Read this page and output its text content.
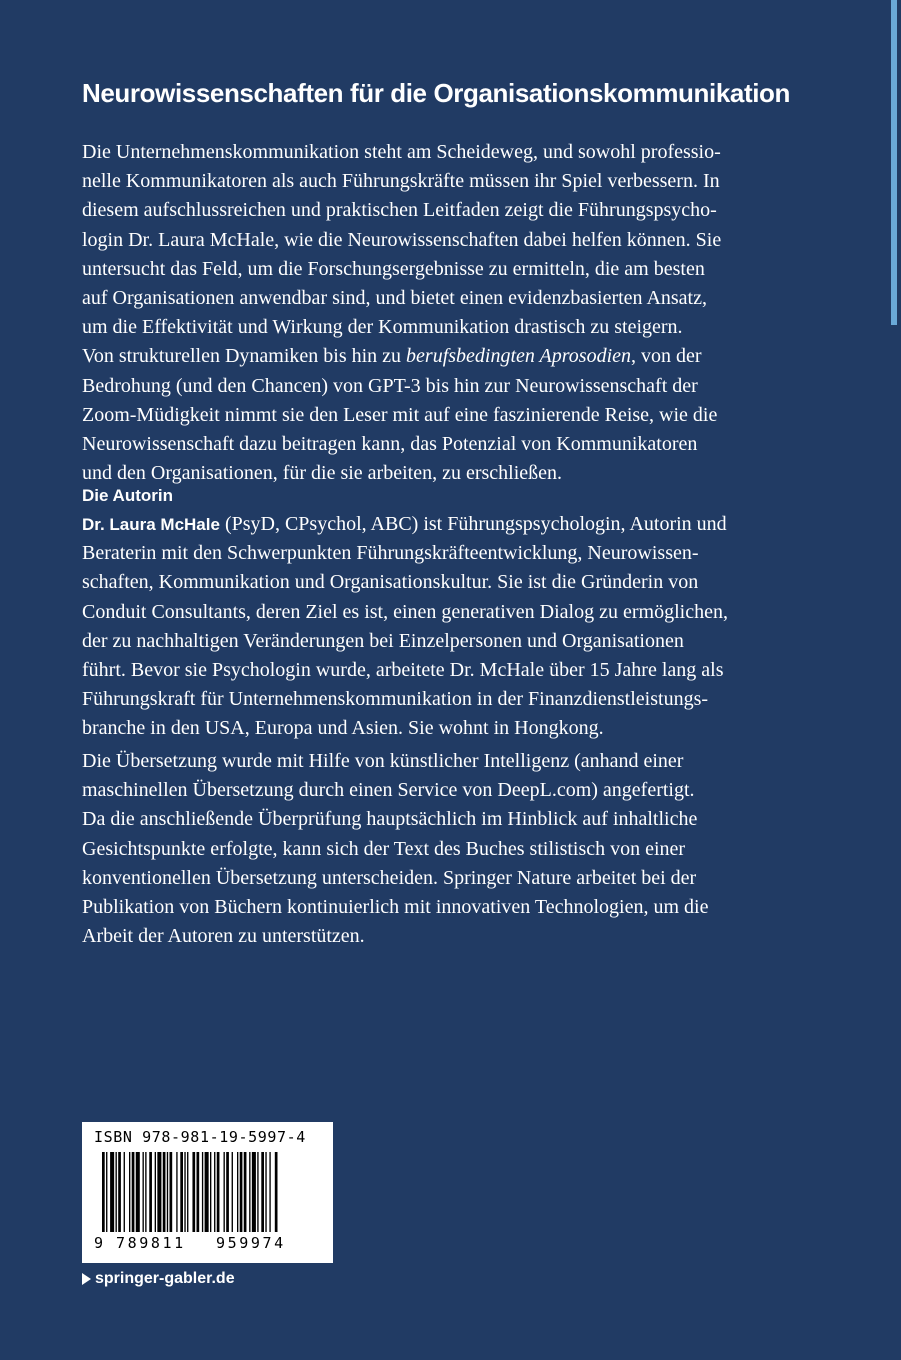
Neurowissenschaften für die Organisationskommunikation

Die Unternehmenskommunikation steht am Scheideweg, und sowohl professio-
nelle Kommunikatoren als auch Führungskräfte müssen ihr Spiel verbessern. In
diesem aufschlussreichen und praktischen Leitfaden zeigt die Führungspsycho-
login Dr. Laura McHale, wie die Neurowissenschaften dabei helfen können. Sie
untersucht das Feld, um die Forschungsergebnisse zu ermitteln, die am besten
auf Organisationen anwendbar sind, und bietet einen evidenzbasierten Ansatz,
um die Effektivität und Wirkung der Kommunikation drastisch zu steigern.
Von strukturellen Dynamiken bis hin zu berufsbedingten Aprosodien, von der
Bedrohung (und den Chancen) von GPT-3 bis hin zur Neurowissenschaft der
Zoom-Müdigkeit nimmt sie den Leser mit auf eine faszinierende Reise, wie die
Neurowissenschaft dazu beitragen kann, das Potenzial von Kommunikatoren
und den Organisationen, für die sie arbeiten, zu erschließen.

Die Autorin

Dr. Laura McHale (PsyD, CPsychol, ABC) ist Führungspsychologin, Autorin und
Beraterin mit den Schwerpunkten Führungskräfteentwicklung, Neurowissen-
schaften, Kommunikation und Organisationskultur. Sie ist die Gründerin von
Conduit Consultants, deren Ziel es ist, einen generativen Dialog zu ermöglichen,
der zu nachhaltigen Veränderungen bei Einzelpersonen und Organisationen
führt. Bevor sie Psychologin wurde, arbeitete Dr. McHale über 15 Jahre lang als
Führungskraft für Unternehmenskommunikation in der Finanzdienstleistungs-
branche in den USA, Europa und Asien. Sie wohnt in Hongkong.

Die Übersetzung wurde mit Hilfe von künstlicher Intelligenz (anhand einer
maschinellen Übersetzung durch einen Service von DeepL.com) angefertigt.
Da die anschließende Überprüfung hauptsächlich im Hinblick auf inhaltliche
Gesichtspunkte erfolgte, kann sich der Text des Buches stilistisch von einer
konventionellen Übersetzung unterscheiden. Springer Nature arbeitet bei der
Publikation von Büchern kontinuierlich mit innovativen Technologien, um die
Arbeit der Autoren zu unterstützen.

ISBN 978-981-19-5997-4
9 789811 959974
springer-gabler.de
